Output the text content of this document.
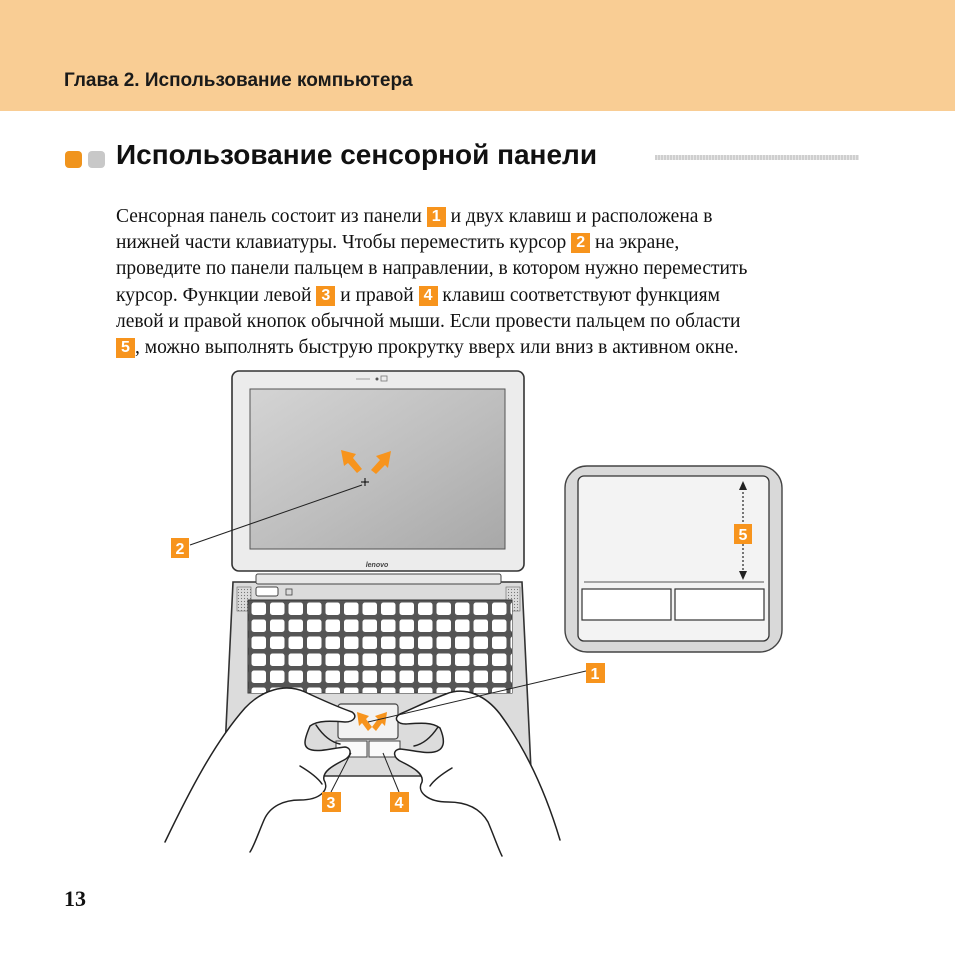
Глава 2. Использование компьютера
Использование сенсорной панели
Сенсорная панель состоит из панели 1 и двух клавиш и расположена в
нижней части клавиатуры. Чтобы переместить курсор 2 на экране,
проведите по панели пальцем в направлении, в котором нужно переместить
курсор. Функции левой 3 и правой 4 клавиш соответствуют функциям
левой и правой кнопок обычной мыши. Если провести пальцем по области
5 , можно выполнять быструю прокрутку вверх или вниз в активном окне.
lenovo
5
2
1
3	4
13
